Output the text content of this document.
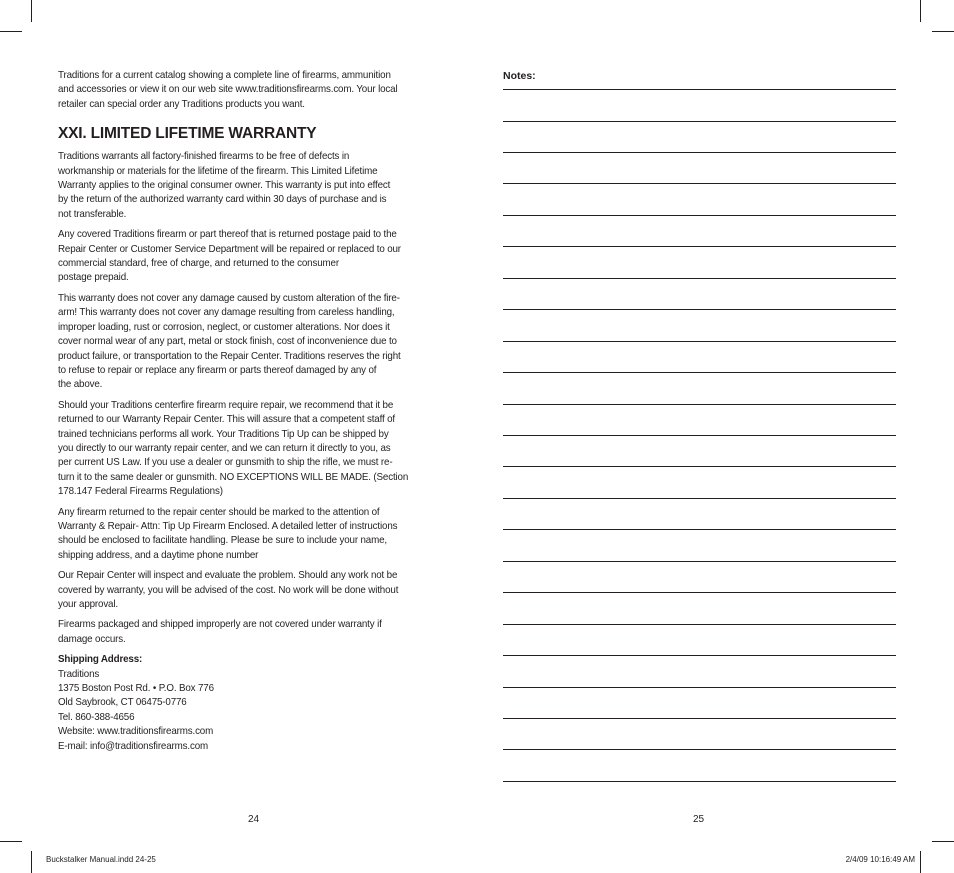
Traditions for a current catalog showing a complete line of firearms, ammunition
and accessories or view it on our web site www.traditionsfirearms.com. Your local
retailer can special order any Traditions products you want.

XXI. LIMITED LIFETIME WARRANTY

Traditions warrants all factory-finished firearms to be free of defects in
workmanship or materials for the lifetime of the firearm. This Limited Lifetime
Warranty applies to the original consumer owner. This warranty is put into effect
by the return of the authorized warranty card within 30 days of purchase and is
not transferable.

Any covered Traditions firearm or part thereof that is returned postage paid to the
Repair Center or Customer Service Department will be repaired or replaced to our
commercial standard, free of charge, and returned to the consumer
postage prepaid.

This warranty does not cover any damage caused by custom alteration of the fire-
arm! This warranty does not cover any damage resulting from careless handling,
improper loading, rust or corrosion, neglect, or customer alterations. Nor does it
cover normal wear of any part, metal or stock finish, cost of inconvenience due to
product failure, or transportation to the Repair Center. Traditions reserves the right
to refuse to repair or replace any firearm or parts thereof damaged by any of
the above.

Should your Traditions centerfire firearm require repair, we recommend that it be
returned to our Warranty Repair Center. This will assure that a competent staff of
trained technicians performs all work. Your Traditions Tip Up can be shipped by
you directly to our warranty repair center, and we can return it directly to you, as
per current US Law. If you use a dealer or gunsmith to ship the rifle, we must re-
turn it to the same dealer or gunsmith. NO EXCEPTIONS WILL BE MADE. (Section
178.147 Federal Firearms Regulations)

Any firearm returned to the repair center should be marked to the attention of
Warranty & Repair- Attn: Tip Up Firearm Enclosed. A detailed letter of instructions
should be enclosed to facilitate handling. Please be sure to include your name,
shipping address, and a daytime phone number

Our Repair Center will inspect and evaluate the problem. Should any work not be
covered by warranty, you will be advised of the cost. No work will be done without
your approval.

Firearms packaged and shipped improperly are not covered under warranty if
damage occurs.

Shipping Address:
Traditions
1375 Boston Post Rd. • P.O. Box 776
Old Saybrook, CT 06475-0776
Tel. 860-388-4656
Website: www.traditionsfirearms.com
E-mail: info@traditionsfirearms.com
Notes:
24	25
Buckstalker Manual.indd 24-25	2/4/09 10:16:49 AM
